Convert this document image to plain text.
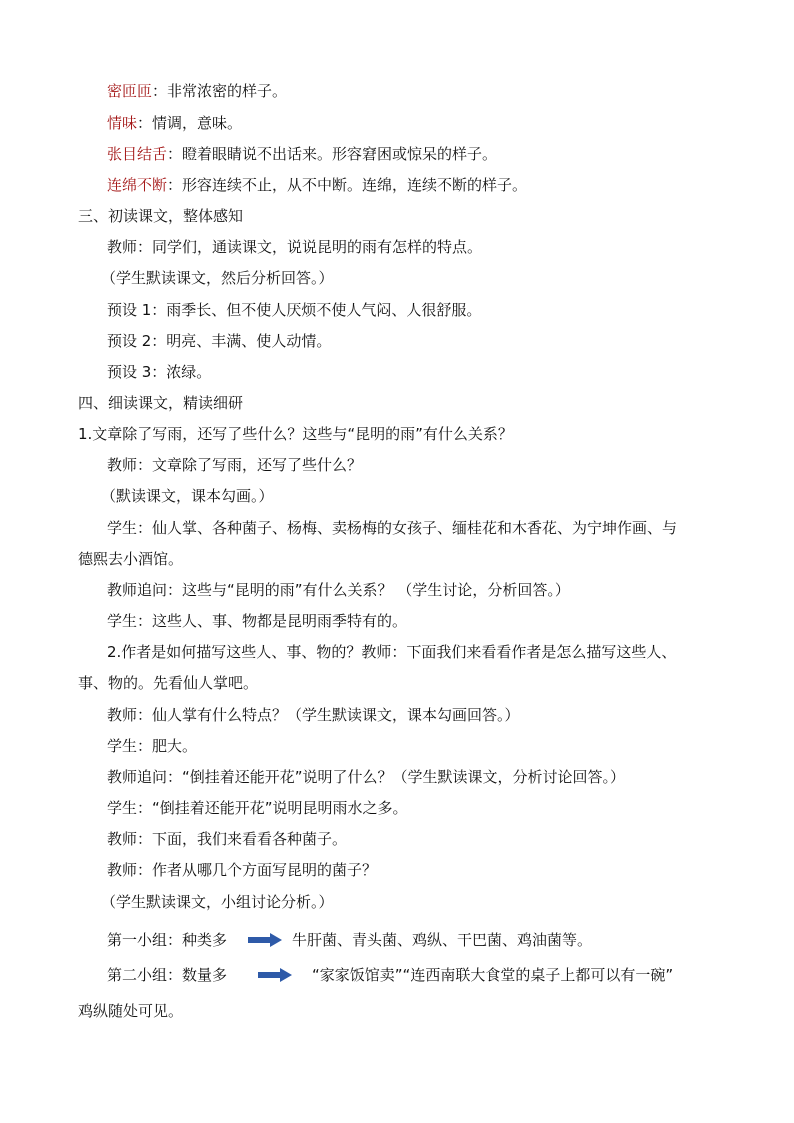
密匝匝：非常浓密的样子。
情味：情调，意味。
张目结舌：瞪着眼睛说不出话来。形容窘困或惊呆的样子。
连绵不断：形容连续不止，从不中断。连绵，连续不断的样子。
三、初读课文，整体感知
教师：同学们，通读课文，说说昆明的雨有怎样的特点。
（学生默读课文，然后分析回答。）
预设 1：雨季长、但不使人厌烦不使人气闷、人很舒服。
预设 2：明亮、丰满、使人动情。
预设 3：浓绿。
四、细读课文，精读细研
1.文章除了写雨，还写了些什么？这些与“昆明的雨”有什么关系？
教师：文章除了写雨，还写了些什么？
（默读课文，课本勾画。）
学生：仙人掌、各种菌子、杨梅、卖杨梅的女孩子、缅桂花和木香花、为宁坤作画、与
德熙去小酒馆。
教师追问：这些与“昆明的雨”有什么关系？ （学生讨论，分析回答。）
学生：这些人、事、物都是昆明雨季特有的。
2.作者是如何描写这些人、事、物的？教师：下面我们来看看作者是怎么描写这些人、
事、物的。先看仙人掌吧。
教师：仙人掌有什么特点？（学生默读课文，课本勾画回答。）
学生：肥大。
教师追问：“倒挂着还能开花”说明了什么？（学生默读课文，分析讨论回答。）
学生：“倒挂着还能开花”说明昆明雨水之多。
教师：下面，我们来看看各种菌子。
教师：作者从哪几个方面写昆明的菌子？
（学生默读课文，小组讨论分析。）
第一小组：种类多	牛肝菌、青头菌、鸡纵、干巴菌、鸡油菌等。
第二小组：数量多	“家家饭馆卖”“连西南联大食堂的桌子上都可以有一碗”
鸡纵随处可见。
